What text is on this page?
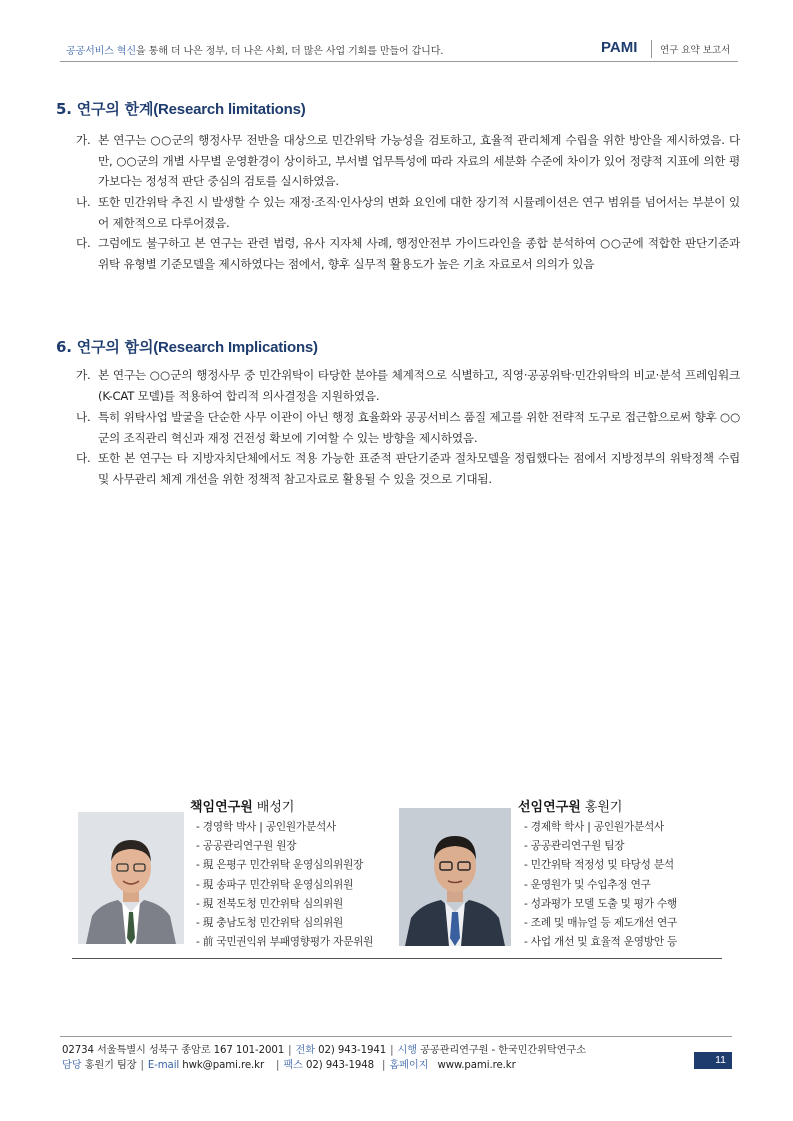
공공서비스 혁신을 통해 더 나은 정부, 더 나은 사회, 더 많은 사업 기회를 만들어 갑니다.	PAMI 연구 요약 보고서
5. 연구의 한계(Research limitations)
가. 본 연구는 ○○군의 행정사무 전반을 대상으로 민간위탁 가능성을 검토하고, 효율적 관리체계 수립을 위한 방안을 제시하였음. 다만, ○○군의 개별 사무별 운영환경이 상이하고, 부서별 업무특성에 따라 자료의 세분화 수준에 차이가 있어 정량적 지표에 의한 평가보다는 정성적 판단 중심의 검토를 실시하였음.
나. 또한 민간위탁 추진 시 발생할 수 있는 재정·조직·인사상의 변화 요인에 대한 장기적 시뮬레이션은 연구 범위를 넘어서는 부분이 있어 제한적으로 다루어졌음.
다. 그럼에도 불구하고 본 연구는 관련 법령, 유사 지자체 사례, 행정안전부 가이드라인을 종합 분석하여 ○○군에 적합한 판단기준과 위탁 유형별 기준모델을 제시하였다는 점에서, 향후 실무적 활용도가 높은 기초 자료로서 의의가 있음
6. 연구의 함의(Research Implications)
가. 본 연구는 ○○군의 행정사무 중 민간위탁이 타당한 분야를 체계적으로 식별하고, 직영·공공위탁·민간위탁의 비교·분석 프레임워크(K-CAT 모델)를 적용하여 합리적 의사결정을 지원하였음.
나. 특히 위탁사업 발굴을 단순한 사무 이관이 아닌 행정 효율화와 공공서비스 품질 제고를 위한 전략적 도구로 접근함으로써 향후 ○○군의 조직관리 혁신과 재정 건전성 확보에 기여할 수 있는 방향을 제시하였음.
다. 또한 본 연구는 타 지방자치단체에서도 적용 가능한 표준적 판단기준과 절차모델을 정립했다는 점에서 지방정부의 위탁정책 수립 및 사무관리 체계 개선을 위한 정책적 참고자료로 활용될 수 있을 것으로 기대됨.
책임연구원 배성기
- 경영학 박사 | 공인원가분석사
- 공공관리연구원 원장
- 現 은평구 민간위탁 운영심의위원장
- 現 송파구 민간위탁 운영심의위원
- 現 전북도청 민간위탁 심의위원
- 現 충남도청 민간위탁 심의위원
- 前 국민권익위 부패영향평가 자문위원
선임연구원 홍원기
- 경제학 학사 | 공인원가분석사
- 공공관리연구원 팀장
- 민간위탁 적정성 및 타당성 분석
- 운영원가 및 수입추정 연구
- 성과평가 모델 도출 및 평가 수행
- 조례 및 매뉴얼 등 제도개선 연구
- 사업 개선 및 효율적 운영방안 등
02734 서울특별시 성북구 종암로 167 101-2001 | 전화 02) 943-1941 | 시행 공공관리연구원 - 한국민간위탁연구소
담당 홍원기 팀장 | E-mail hwk@pami.re.kr | 팩스 02) 943-1948 | 홈페이지 www.pami.re.kr	11
